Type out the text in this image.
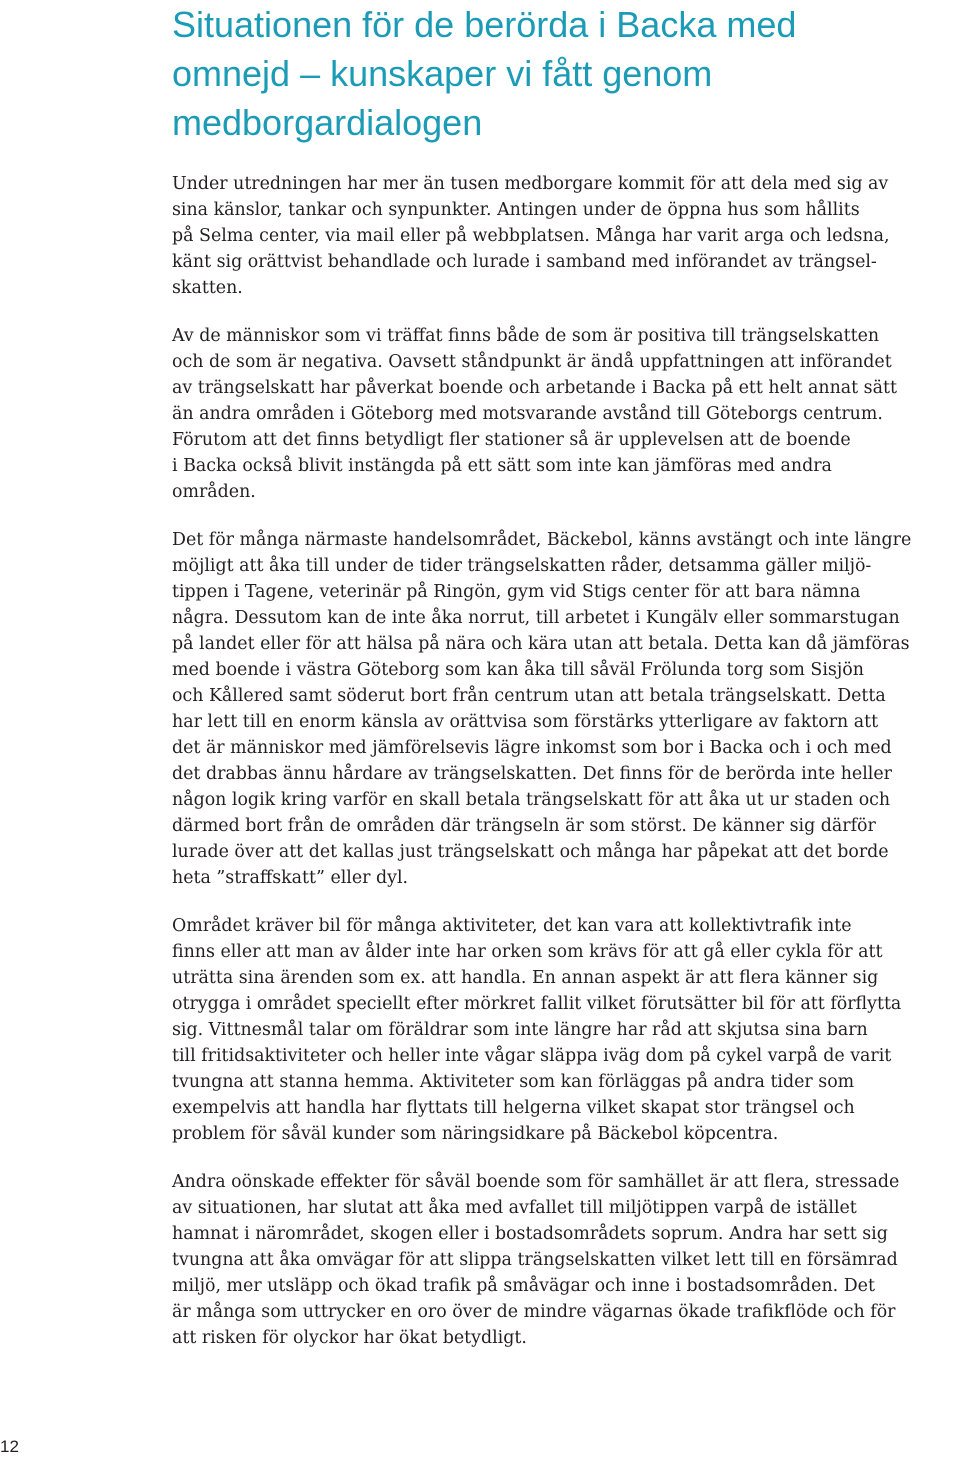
Situationen för de berörda i Backa med
omnejd – kunskaper vi fått genom
medborgardialogen

Under utredningen har mer än tusen medborgare kommit för att dela med sig av
sina känslor, tankar och synpunkter. Antingen under de öppna hus som hållits
på Selma center, via mail eller på webbplatsen. Många har varit arga och ledsna,
känt sig orättvist behandlade och lurade i samband med införandet av trängsel-
skatten.

Av de människor som vi träffat finns både de som är positiva till trängselskatten
och de som är negativa. Oavsett ståndpunkt är ändå uppfattningen att införandet
av trängselskatt har påverkat boende och arbetande i Backa på ett helt annat sätt
än andra områden i Göteborg med motsvarande avstånd till Göteborgs centrum.
Förutom att det finns betydligt fler stationer så är upplevelsen att de boende
i Backa också blivit instängda på ett sätt som inte kan jämföras med andra
områden.

Det för många närmaste handelsområdet, Bäckebol, känns avstängt och inte längre
möjligt att åka till under de tider trängselskatten råder, detsamma gäller miljö-
tippen i Tagene, veterinär på Ringön, gym vid Stigs center för att bara nämna
några. Dessutom kan de inte åka norrut, till arbetet i Kungälv eller sommarstugan
på landet eller för att hälsa på nära och kära utan att betala. Detta kan då jämföras
med boende i västra Göteborg som kan åka till såväl Frölunda torg som Sisjön
och Kållered samt söderut bort från centrum utan att betala trängselskatt. Detta
har lett till en enorm känsla av orättvisa som förstärks ytterligare av faktorn att
det är människor med jämförelsevis lägre inkomst som bor i Backa och i och med
det drabbas ännu hårdare av trängselskatten. Det finns för de berörda inte heller
någon logik kring varför en skall betala trängselskatt för att åka ut ur staden och
därmed bort från de områden där trängseln är som störst. De känner sig därför
lurade över att det kallas just trängselskatt och många har påpekat att det borde
heta ”straffskatt” eller dyl.

Området kräver bil för många aktiviteter, det kan vara att kollektivtrafik inte
finns eller att man av ålder inte har orken som krävs för att gå eller cykla för att
uträtta sina ärenden som ex. att handla. En annan aspekt är att flera känner sig
otrygga i området speciellt efter mörkret fallit vilket förutsätter bil för att förflytta
sig. Vittnesmål talar om föräldrar som inte längre har råd att skjutsa sina barn
till fritidsaktiviteter och heller inte vågar släppa iväg dom på cykel varpå de varit
tvungna att stanna hemma. Aktiviteter som kan förläggas på andra tider som
exempelvis att handla har flyttats till helgerna vilket skapat stor trängsel och
problem för såväl kunder som näringsidkare på Bäckebol köpcentra.

Andra oönskade effekter för såväl boende som för samhället är att flera, stressade
av situationen, har slutat att åka med avfallet till miljötippen varpå de istället
hamnat i närområdet, skogen eller i bostadsområdets soprum. Andra har sett sig
tvungna att åka omvägar för att slippa trängselskatten vilket lett till en försämrad
miljö, mer utsläpp och ökad trafik på småvägar och inne i bostadsområden. Det
är många som uttrycker en oro över de mindre vägarnas ökade trafikflöde och för
att risken för olyckor har ökat betydligt.

12
